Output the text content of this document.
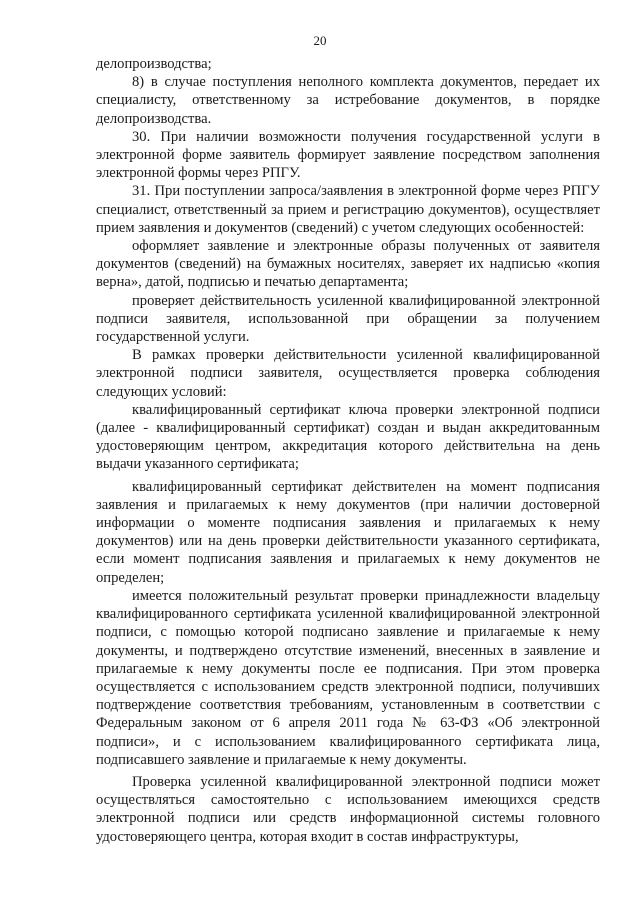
20

делопроизводства;

8) в случае поступления неполного комплекта документов, передает их специалисту, ответственному за истребование документов, в порядке делопроизводства.

30. При наличии возможности получения государственной услуги в электронной форме заявитель формирует заявление посредством заполнения электронной формы через РПГУ.

31. При поступлении запроса/заявления в электронной форме через РПГУ специалист, ответственный за прием и регистрацию документов), осуществляет прием заявления и документов (сведений) с учетом следующих особенностей:

оформляет заявление и электронные образы полученных от заявителя документов (сведений) на бумажных носителях, заверяет их надписью «копия верна», датой, подписью и печатью департамента;

проверяет действительность усиленной квалифицированной электронной подписи заявителя, использованной при обращении за получением государственной услуги.

В рамках проверки действительности усиленной квалифицированной электронной подписи заявителя, осуществляется проверка соблюдения следующих условий:

квалифицированный сертификат ключа проверки электронной подписи (далее - квалифицированный сертификат) создан и выдан аккредитованным удостоверяющим центром, аккредитация которого действительна на день выдачи указанного сертификата;

квалифицированный сертификат действителен на момент подписания заявления и прилагаемых к нему документов (при наличии достоверной информации о моменте подписания заявления и прилагаемых к нему документов) или на день проверки действительности указанного сертификата, если момент подписания заявления и прилагаемых к нему документов не определен;

имеется положительный результат проверки принадлежности владельцу квалифицированного сертификата усиленной квалифицированной электронной подписи, с помощью которой подписано заявление и прилагаемые к нему документы, и подтверждено отсутствие изменений, внесенных в заявление и прилагаемые к нему документы после ее подписания. При этом проверка осуществляется с использованием средств электронной подписи, получивших подтверждение соответствия требованиям, установленным в соответствии с Федеральным законом от 6 апреля 2011 года № 63-ФЗ «Об электронной подписи», и с использованием квалифицированного сертификата лица, подписавшего заявление и прилагаемые к нему документы.

Проверка усиленной квалифицированной электронной подписи может осуществляться самостоятельно с использованием имеющихся средств электронной подписи или средств информационной системы головного удостоверяющего центра, которая входит в состав инфраструктуры,
